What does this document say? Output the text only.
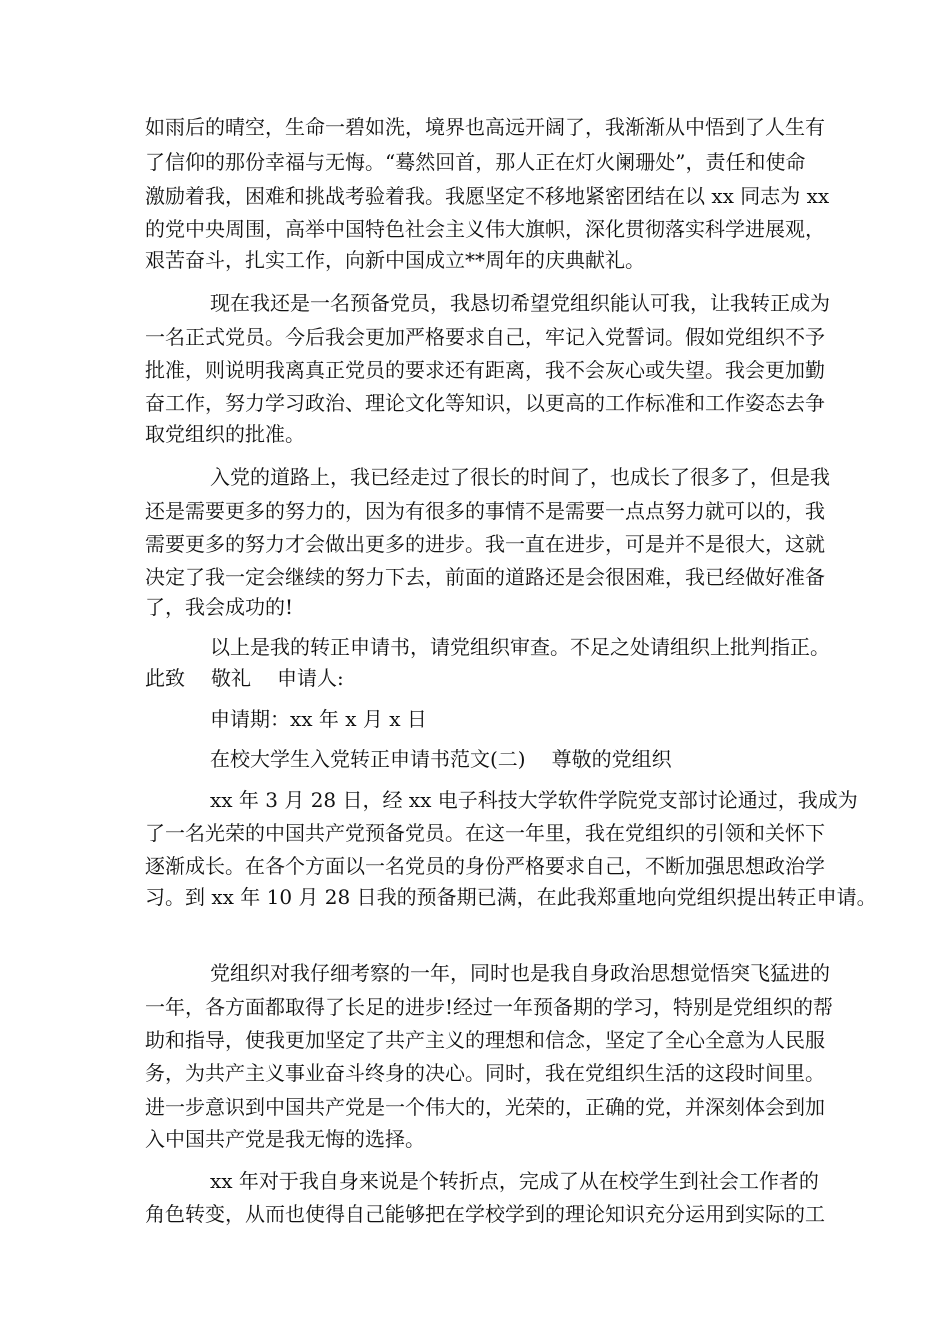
如雨后的晴空，生命一碧如洗，境界也高远开阔了，我渐渐从中悟到了人生有

了信仰的那份幸福与无悔。“蓦然回首，那人正在灯火阑珊处”，责任和使命

激励着我，困难和挑战考验着我。我愿坚定不移地紧密团结在以 xx 同志为 xx

的党中央周围，高举中国特色社会主义伟大旗帜，深化贯彻落实科学进展观，

艰苦奋斗，扎实工作，向新中国成立**周年的庆典献礼。

现在我还是一名预备党员，我恳切希望党组织能认可我，让我转正成为

一名正式党员。今后我会更加严格要求自己，牢记入党誓词。假如党组织不予

批准，则说明我离真正党员的要求还有距离，我不会灰心或失望。我会更加勤

奋工作，努力学习政治、理论文化等知识，以更高的工作标准和工作姿态去争

取党组织的批准。

入党的道路上，我已经走过了很长的时间了，也成长了很多了，但是我

还是需要更多的努力的，因为有很多的事情不是需要一点点努力就可以的，我

需要更多的努力才会做出更多的进步。我一直在进步，可是并不是很大，这就

决定了我一定会继续的努力下去，前面的道路还是会很困难，我已经做好准备

了，我会成功的!

以上是我的转正申请书，请党组织审查。不足之处请组织上批判指正。

此致 敬礼 申请人:

申请期：xx 年 x 月 x 日

在校大学生入党转正申请书范文(二) 尊敬的党组织

xx 年 3 月 28 日，经 xx 电子科技大学软件学院党支部讨论通过，我成为

了一名光荣的中国共产党预备党员。在这一年里，我在党组织的引领和关怀下

逐渐成长。在各个方面以一名党员的身份严格要求自己，不断加强思想政治学

习。到 xx 年 10 月 28 日我的预备期已满，在此我郑重地向党组织提出转正申请。

党组织对我仔细考察的一年，同时也是我自身政治思想觉悟突飞猛进的

一年，各方面都取得了长足的进步!经过一年预备期的学习，特别是党组织的帮

助和指导，使我更加坚定了共产主义的理想和信念，坚定了全心全意为人民服

务，为共产主义事业奋斗终身的决心。同时，我在党组织生活的这段时间里。

进一步意识到中国共产党是一个伟大的，光荣的，正确的党，并深刻体会到加

入中国共产党是我无悔的选择。

xx 年对于我自身来说是个转折点，完成了从在校学生到社会工作者的

角色转变，从而也使得自己能够把在学校学到的理论知识充分运用到实际的工
